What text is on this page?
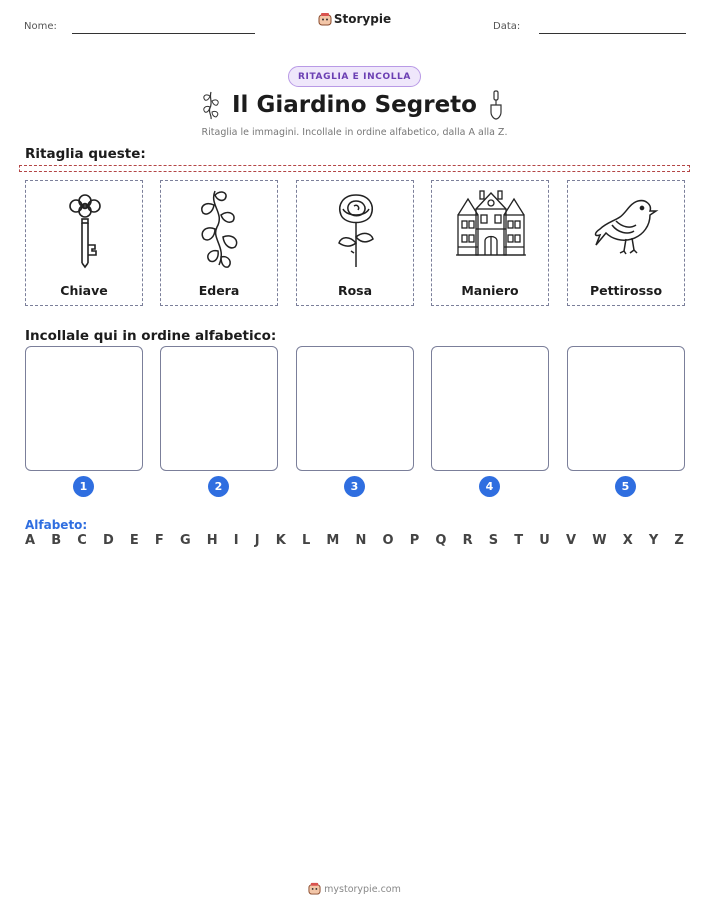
Nome:
Storypie
Data:
RITAGLIA E INCOLLA
Il Giardino Segreto
Ritaglia le immagini. Incollale in ordine alfabetico, dalla A alla Z.
Ritaglia queste:
Chiave	Edera	Rosa	Maniero	Pettirosso
Incollale qui in ordine alfabetico:
1	2	3	4	5
Alfabeto:
A B C D E F G H I J K L M N O P Q R S T U V W X Y Z
mystorypie.com
